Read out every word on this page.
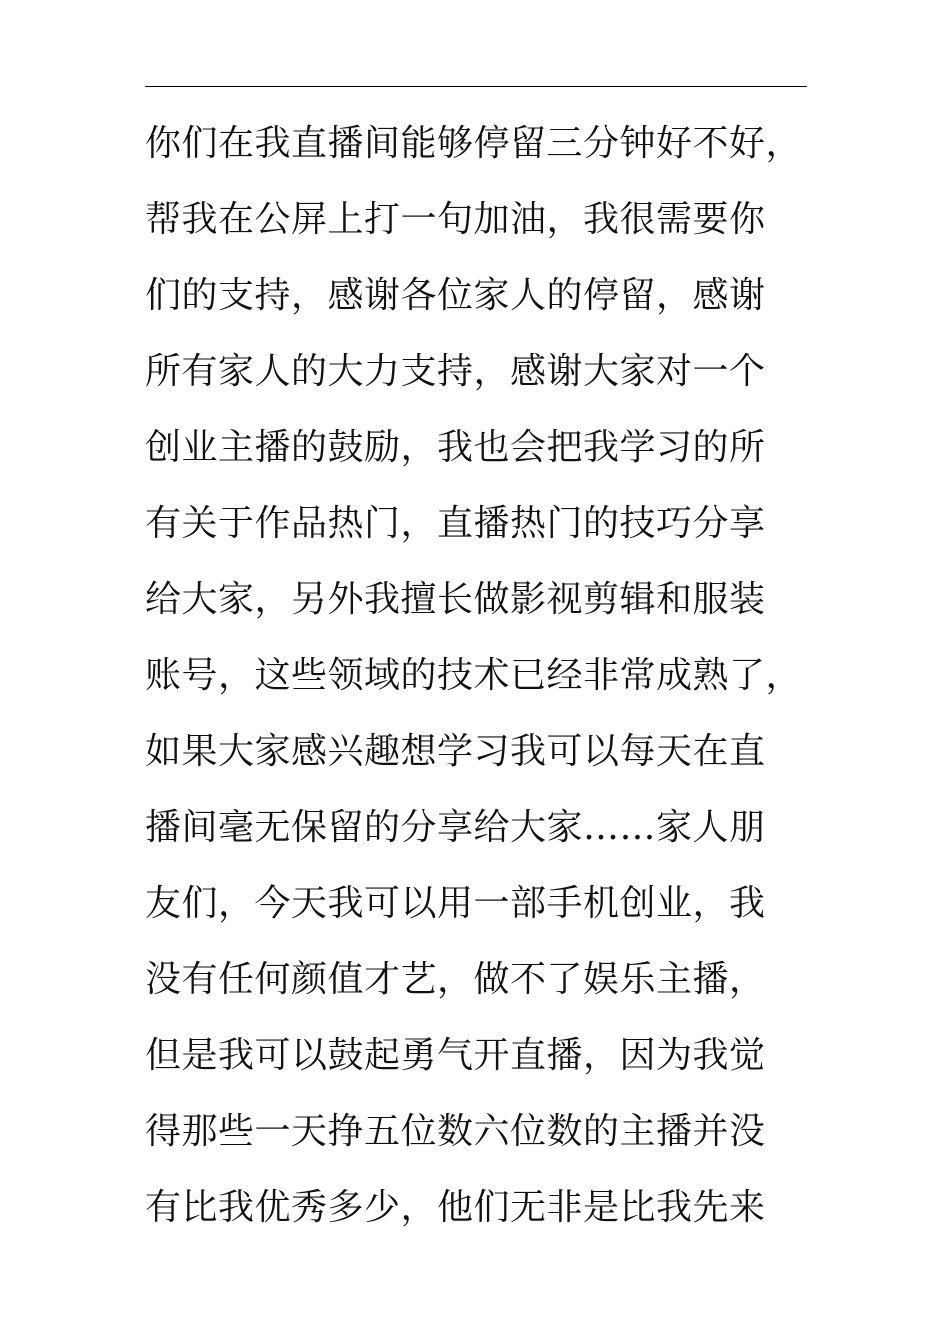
你们在我直播间能够停留三分钟好不好，
帮我在公屏上打一句加油，我很需要你
们的支持，感谢各位家人的停留，感谢
所有家人的大力支持，感谢大家对一个
创业主播的鼓励，我也会把我学习的所
有关于作品热门，直播热门的技巧分享
给大家，另外我擅长做影视剪辑和服装
账号，这些领域的技术已经非常成熟了，
如果大家感兴趣想学习我可以每天在直
播间毫无保留的分享给大家……家人朋
友们，今天我可以用一部手机创业，我
没有任何颜值才艺，做不了娱乐主播，
但是我可以鼓起勇气开直播，因为我觉
得那些一天挣五位数六位数的主播并没
有比我优秀多少，他们无非是比我先来
